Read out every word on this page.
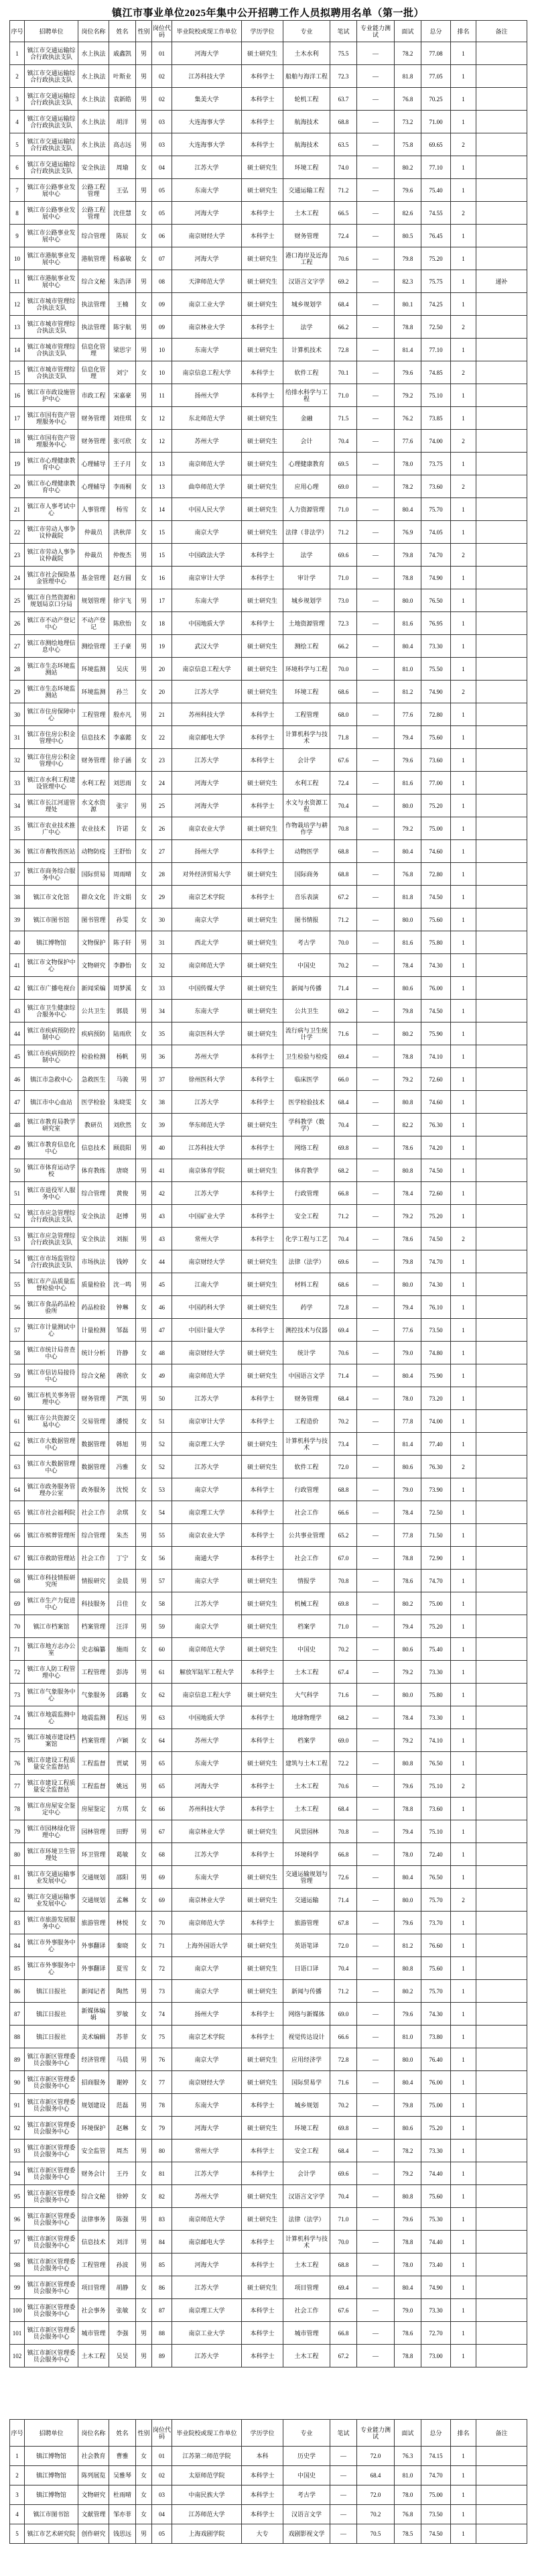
镇江市事业单位2025年集中公开招聘工作人员拟聘用名单（第一批）
序号	招聘单位	岗位名称	姓名	性别	岗位代码	毕业院校或现工作单位	学历学位	专业	笔试	专业能力测试	面试	总分	排名	备注
1	镇江市交通运输综合行政执法支队	水上执法	戚鑫凯	男	01	河海大学	硕士研究生	土木水利	75.5	—	78.2	77.08	1	
2	镇江市交通运输综合行政执法支队	水上执法	叶斯业	男	02	江苏科技大学	本科学士	船舶与海洋工程	72.3	—	81.8	77.05	1	
3	镇江市交通运输综合行政执法支队	水上执法	袁新皓	男	02	集美大学	本科学士	轮机工程	63.7	—	76.8	70.25	1	
4	镇江市交通运输综合行政执法支队	水上执法	胡洋	男	03	大连海事大学	本科学士	航海技术	68.8	—	73.2	71.00	1	
5	镇江市交通运输综合行政执法支队	水上执法	高志远	男	03	大连海事大学	本科学士	航海技术	63.5	—	75.8	69.65	2	
6	镇江市交通运输综合行政执法支队	安全执法	周瑜	女	04	江苏大学	硕士研究生	环境工程	74.0	—	80.2	77.10	1	
7	镇江市公路事业发展中心	公路工程管理	王弘	男	05	东南大学	硕士研究生	交通运输工程	71.2	—	79.6	75.40	1	
8	镇江市公路事业发展中心	公路工程管理	沈佳慧	女	05	河海大学	本科学士	土木工程	66.5	—	82.6	74.55	2	
9	镇江市公路事业发展中心	综合管理	陈辰	女	06	南京财经大学	本科学士	财务管理	72.4	—	80.5	76.45	1	
10	镇江市港航事业发展中心	港航管理	杨嘉敏	女	07	河海大学	硕士研究生	港口海岸及近海工程	70.6	—	79.8	75.20	1	
11	镇江市港航事业发展中心	综合文秘	朱浩泽	男	08	天津师范大学	硕士研究生	汉语言文字学	69.2	—	82.3	75.75	1	递补
12	镇江市城市管理综合执法支队	执法管理	王楠	女	09	南京工业大学	硕士研究生	城乡规划学	68.4	—	80.1	74.25	1	
13	镇江市城市管理综合执法支队	执法管理	陈宇航	男	09	南京林业大学	本科学士	法学	66.2	—	78.8	72.50	2	
14	镇江市城市管理综合执法支队	信息化管理	梁思宇	男	10	东南大学	硕士研究生	计算机技术	72.8	—	81.4	77.10	1	
15	镇江市城市管理综合执法支队	信息化管理	刘宁	女	10	南京信息工程大学	本科学士	软件工程	70.1	—	79.6	74.85	2	
16	镇江市市政设施管护中心	市政工程	宋嘉豪	男	11	扬州大学	本科学士	给排水科学与工程	71.0	—	79.2	75.10	1	
17	镇江市国有资产管理服务中心	财务管理	刘佳琪	女	12	东北师范大学	硕士研究生	金融	71.5	—	76.2	73.85	1	
18	镇江市国有资产管理服务中心	财务管理	张可欣	女	12	苏州大学	硕士研究生	会计	70.4	—	77.6	74.00	2	
19	镇江市心理健康教育中心	心理辅导	王子月	女	13	南京师范大学	硕士研究生	心理健康教育	69.5	—	78.0	73.75	1	
20	镇江市心理健康教育中心	心理辅导	李雨桐	女	13	曲阜师范大学	硕士研究生	应用心理	69.0	—	78.2	73.60	2	
21	镇江市人事考试中心	人事管理	杨雪	女	14	中国人民大学	硕士研究生	人力资源管理	71.0	—	80.4	75.70	1	
22	镇江市劳动人事争议仲裁院	仲裁员	洪秋萍	女	15	南京大学	硕士研究生	法律（非法学）	71.2	—	76.9	74.05	1	
23	镇江市劳动人事争议仲裁院	仲裁员	仲俊杰	男	15	中国政法大学	本科学士	法学	69.6	—	79.8	74.70	2	
24	镇江市社会保险基金管理中心	基金管理	赵方圆	女	16	南京审计大学	本科学士	审计学	71.0	—	78.8	74.90	1	
25	镇江市自然资源和规划局京口分局	规划管理	徐宇飞	男	17	东南大学	硕士研究生	城乡规划学	73.0	—	80.0	76.50	1	
26	镇江市不动产登记中心	不动产登记	陈欣怡	女	18	中国地质大学	本科学士	土地资源管理	72.3	—	81.6	76.95	1	
27	镇江市测绘地理信息中心	测绘管理	王子豪	男	19	武汉大学	硕士研究生	测绘工程	66.2	—	80.4	73.30	1	
28	镇江市生态环境监测站	环境监测	吴庆	男	20	南京信息工程大学	硕士研究生	环境科学与工程	70.0	—	81.0	75.50	1	
29	镇江市生态环境监测站	环境监测	孙兰	女	20	江苏大学	硕士研究生	环境工程	68.6	—	81.2	74.90	2	
30	镇江市住房保障中心	工程管理	殷亦凡	男	21	苏州科技大学	本科学士	工程管理	68.0	—	77.6	72.80	1	
31	镇江市住房公积金管理中心	信息技术	李嘉懿	女	22	南京邮电大学	本科学士	计算机科学与技术	71.8	—	79.4	75.60	1	
32	镇江市住房公积金管理中心	财务管理	徐子涵	女	23	江苏大学	本科学士	会计学	67.6	—	79.6	73.60	1	
33	镇江市水利工程建设管理中心	水利工程	刘思雨	女	24	河海大学	硕士研究生	水利工程	72.4	—	81.6	77.00	1	
34	镇江市长江河道管理处	水文水资源	张宇	男	25	河海大学	本科学士	水文与水资源工程	70.4	—	80.0	75.20	1	
35	镇江市农业技术推广中心	农业技术	许诺	女	26	南京农业大学	硕士研究生	作物栽培学与耕作学	70.8	—	79.2	75.00	1	
36	镇江市畜牧兽医站	动物防疫	王舒怡	女	27	扬州大学	本科学士	动物医学	68.8	—	80.4	74.60	1	
37	镇江市商务综合服务中心	国际贸易	周雨晴	女	28	对外经济贸易大学	硕士研究生	国际商务	68.8	—	76.8	72.80	1	
38	镇江市文化馆	群众文化	许文娟	女	29	南京艺术学院	本科学士	音乐表演	67.2	—	81.8	74.50	1	
39	镇江市图书馆	图书管理	孙雯	女	30	南京大学	硕士研究生	图书情报	71.2	—	80.0	75.60	1	
40	镇江博物馆	文物保护	陈子轩	男	31	西北大学	硕士研究生	考古学	70.0	—	81.6	75.80	1	
41	镇江市文物保护中心	文物研究	李静怡	女	32	南京师范大学	硕士研究生	中国史	70.2	—	78.4	74.30	1	
42	镇江市广播电视台	新闻采编	周梦溪	女	33	中国传媒大学	硕士研究生	新闻与传播	71.4	—	80.6	76.00	1	
43	镇江市卫生健康综合服务中心	公共卫生	郭晨	男	34	东南大学	硕士研究生	公共卫生	69.2	—	79.8	74.50	1	
44	镇江市疾病预防控制中心	疾病预防	陆雨欣	女	35	南京医科大学	硕士研究生	流行病与卫生统计学	71.6	—	80.2	75.90	1	
45	镇江市疾病预防控制中心	检验检测	杨帆	男	36	苏州大学	本科学士	卫生检验与检疫	69.4	—	78.8	74.10	1	
46	镇江市急救中心	急救医生	马骏	男	37	徐州医科大学	本科学士	临床医学	66.0	—	79.2	72.60	1	
47	镇江市中心血站	医学检验	朱晓雯	女	38	江苏大学	本科学士	医学检验技术	68.4	—	80.8	74.60	1	
48	镇江市教育局教学研究室	教研员	刘欣然	女	39	华东师范大学	硕士研究生	学科教学（数学）	70.4	—	82.2	76.30	1	
49	镇江市教育信息化中心	信息技术	顾晨阳	男	40	江苏科技大学	本科学士	网络工程	69.8	—	78.6	74.20	1	
50	镇江市体育运动学校	体育教练	唐晓	男	41	南京体育学院	硕士研究生	体育教学	68.2	—	80.8	74.50	1	
51	镇江市退役军人服务中心	综合管理	黄俊	男	42	江苏大学	本科学士	行政管理	66.8	—	78.4	72.60	1	
52	镇江市应急管理综合行政执法支队	安全执法	赵博	男	43	中国矿业大学	本科学士	安全工程	71.2	—	79.2	75.20	1	
53	镇江市应急管理综合行政执法支队	安全执法	刘振	男	43	常州大学	本科学士	化学工程与工艺	70.4	—	78.6	74.50	2	
54	镇江市市场监管综合行政执法支队	市场执法	钱婷	女	44	南京财经大学	硕士研究生	法律（法学）	69.6	—	79.8	74.70	1	
55	镇江市产品质量监督检验中心	质量检验	沈一鸣	男	45	江南大学	硕士研究生	材料工程	68.6	—	80.0	74.30	1	
56	镇江市食品药品检验所	药品检验	钟琳	女	46	中国药科大学	硕士研究生	药学	72.8	—	79.4	76.10	1	
57	镇江市计量测试中心	计量检测	邹磊	男	47	中国计量大学	本科学士	测控技术与仪器	69.4	—	77.6	73.50	1	
58	镇江市统计局普查中心	统计分析	许静	女	48	南京财经大学	硕士研究生	统计学	70.6	—	79.0	74.80	1	
59	镇江市信访局接待中心	综合文秘	蒋欣	女	49	南京师范大学	硕士研究生	中国语言文学	71.4	—	80.4	75.90	1	
60	镇江市机关事务管理中心	财务管理	严凯	男	50	江苏大学	本科学士	财务管理	68.4	—	78.0	73.20	1	
61	镇江市公共资源交易中心	交易管理	潘悦	女	51	南京审计大学	本科学士	工程造价	70.2	—	77.8	74.00	1	
62	镇江市大数据管理中心	数据管理	韩旭	男	52	南京理工大学	硕士研究生	计算机科学与技术	73.4	—	81.4	77.40	1	
63	镇江市大数据管理中心	数据管理	冯雅	女	52	江苏大学	硕士研究生	软件工程	72.0	—	80.6	76.30	2	
64	镇江市政务服务管理办公室	政务服务	沈悦	女	53	南京大学	本科学士	行政管理	68.8	—	79.0	73.90	1	
65	镇江市社会福利院	社会工作	余琪	女	54	南京理工大学	本科学士	社会工作	66.6	—	78.4	72.50	1	
66	镇江市殡葬管理所	综合管理	朱杰	男	55	南京农业大学	本科学士	公共事业管理	65.2	—	77.8	71.50	1	
67	镇江市救助管理站	社会工作	丁宁	女	56	南通大学	本科学士	社会工作	67.0	—	78.8	72.90	1	
68	镇江市科技情报研究所	情报研究	金晨	男	57	南京大学	硕士研究生	情报学	70.8	—	78.6	74.70	1	
69	镇江市生产力促进中心	科技服务	吕佳	女	58	江苏大学	硕士研究生	机械工程	69.8	—	80.2	75.00	1	
70	镇江市档案馆	档案管理	汪洋	男	59	南京大学	硕士研究生	档案学	71.0	—	79.4	75.20	1	
71	镇江市地方志办公室	史志编纂	施雨	女	60	南京师范大学	硕士研究生	中国史	70.2	—	80.6	75.40	1	
72	镇江市人防工程管理中心	工程管理	彭涛	男	61	解放军陆军工程大学	本科学士	土木工程	67.4	—	79.2	73.30	1	
73	镇江市气象服务中心	气象服务	邱璐	女	62	南京信息工程大学	硕士研究生	大气科学	71.6	—	80.0	75.80	1	
74	镇江市地震监测中心	地震监测	程远	男	63	中国地质大学	本科学士	地球物理学	68.2	—	78.4	73.30	1	
75	镇江市城市建设档案馆	档案管理	卢颖	女	64	苏州大学	本科学士	档案学	69.0	—	79.2	74.10	1	
76	镇江市建设工程质量安全监督站	工程监督	贾斌	男	65	东南大学	硕士研究生	建筑与土木工程	72.2	—	80.8	76.50	1	
77	镇江市建设工程质量安全监督站	工程监督	姚远	男	65	河海大学	本科学士	土木工程	70.6	—	79.6	75.10	2	
78	镇江市房屋安全鉴定中心	房屋鉴定	方琪	女	66	苏州科技大学	本科学士	土木工程	68.4	—	78.8	73.60	1	
79	镇江市园林绿化管理中心	园林管理	田野	男	67	南京林业大学	硕士研究生	风景园林	70.8	—	79.4	75.10	1	
80	镇江市环境卫生管理处	环卫管理	葛敏	女	68	江苏大学	本科学士	环境科学	66.8	—	78.0	72.40	1	
81	镇江市交通运输事业发展中心	交通规划	邵阳	男	69	东南大学	硕士研究生	交通运输规划与管理	72.6	—	80.4	76.50	1	
82	镇江市交通运输事业发展中心	交通规划	孟琳	女	69	南京林业大学	硕士研究生	交通运输	71.4	—	80.0	75.70	2	
83	镇江市旅游发展服务中心	旅游管理	林悦	女	70	南京师范大学	本科学士	旅游管理	67.8	—	79.6	73.70	1	
84	镇江市外事服务中心	外事翻译	秦晓	女	71	上海外国语大学	硕士研究生	英语笔译	72.0	—	81.2	76.60	1	
85	镇江市外事服务中心	外事翻译	夏雪	女	72	南京大学	硕士研究生	日语口译	70.4	—	80.8	75.60	1	
86	镇江日报社	新闻记者	陶然	男	73	南京大学	硕士研究生	新闻与传播	71.2	—	80.2	75.70	1	
87	镇江日报社	新媒体编辑	罗敏	女	74	扬州大学	本科学士	网络与新媒体	69.0	—	79.6	74.30	1	
88	镇江日报社	美术编辑	苏菲	女	75	南京艺术学院	本科学士	视觉传达设计	66.6	—	81.0	73.80	1	
89	镇江市新区管理委员会服务中心	经济管理	马晨	男	76	南京大学	硕士研究生	应用经济学	72.8	—	80.0	76.40	1	
90	镇江市新区管理委员会服务中心	招商服务	谢婷	女	77	南京财经大学	硕士研究生	国际贸易学	71.6	—	80.4	76.00	1	
91	镇江市新区管理委员会服务中心	规划建设	范磊	男	78	东南大学	本科学士	城乡规划	70.2	—	79.8	75.00	1	
92	镇江市新区管理委员会服务中心	环境保护	赵琳	女	79	河海大学	硕士研究生	环境工程	69.8	—	80.6	75.20	1	
93	镇江市新区管理委员会服务中心	安全监管	周杰	男	80	常州大学	本科学士	安全工程	68.4	—	78.2	73.30	1	
94	镇江市新区管理委员会服务中心	财务会计	王丹	女	81	江苏大学	本科学士	会计学	69.6	—	79.2	74.40	1	
95	镇江市新区管理委员会服务中心	综合文秘	徐婷	女	82	苏州大学	硕士研究生	汉语言文字学	70.4	—	80.8	75.60	1	
96	镇江市新区管理委员会服务中心	法律事务	陈强	男	83	南京师范大学	硕士研究生	法律（法学）	71.0	—	79.6	75.30	1	
97	镇江市新区管理委员会服务中心	信息技术	刘洋	男	84	南京邮电大学	本科学士	计算机科学与技术	70.0	—	78.8	74.40	1	
98	镇江市新区管理委员会服务中心	工程管理	孙波	男	85	河海大学	本科学士	土木工程	68.8	—	78.0	73.40	1	
99	镇江市新区管理委员会服务中心	项目管理	胡静	女	86	江苏大学	硕士研究生	项目管理	69.4	—	80.4	74.90	1	
100	镇江市新区管理委员会服务中心	社会事务	张敏	女	87	南京理工大学	本科学士	社会工作	67.6	—	79.0	73.30	1	
101	镇江市新区管理委员会服务中心	城市管理	李强	男	88	南京工业大学	本科学士	城市管理	66.8	—	78.6	72.70	1	
102	镇江市新区管理委员会服务中心	土木工程	吴昊	男	89	江苏大学	本科学士	土木工程	67.2	—	78.8	73.00	1	
序号	招聘单位	岗位名称	姓名	性别	岗位代码	毕业院校或现工作单位	学历学位	专业	笔试	专业能力测试	面试	总分	排名	备注
1	镇江博物馆	社会教育	曹雅	女	01	江苏第二师范学院	本科	历史学	—	72.0	76.3	74.15	1	
2	镇江博物馆	陈列展览	吴雅琴	女	02	太原师范学院	本科学士	中国史	—	68.4	81.0	74.70	1	
3	镇江博物馆	文物研究	杜雨晴	女	03	中南民族大学	本科学士	考古学	—	72.0	78.0	75.00	1	
4	镇江市图书馆	文献管理	邹亦菲	女	04	江苏师范大学	本科学士	汉语言文学	—	70.2	76.8	73.50	1	
5	镇江市艺术研究院	创作研究	钱思远	男	05	上海戏剧学院	大专	戏剧影视文学	—	70.5	78.5	74.50	1	
